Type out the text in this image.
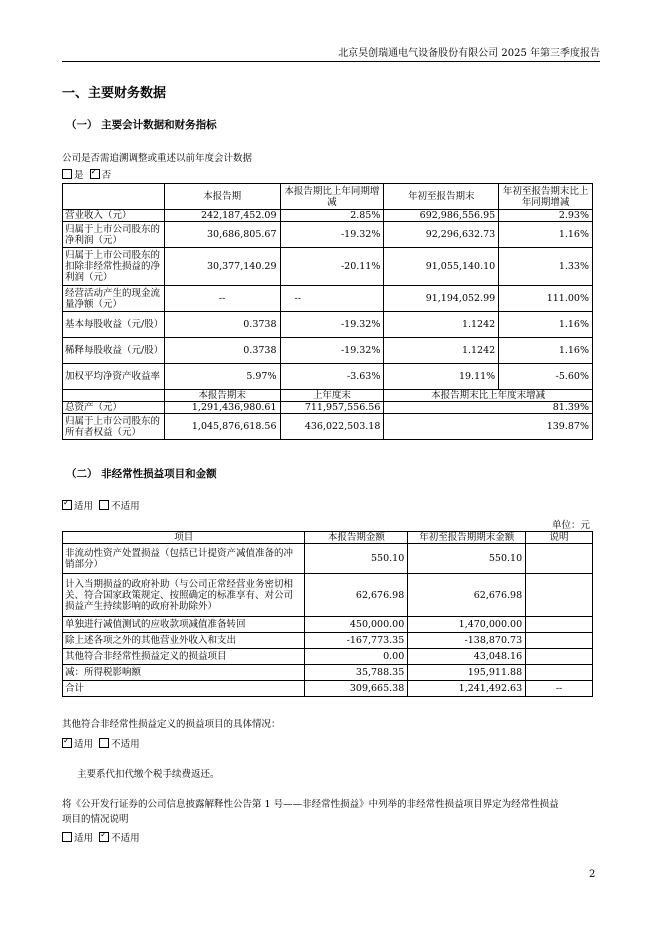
北京昊创瑞通电气设备股份有限公司 2025 年第三季度报告
一、主要财务数据
（一） 主要会计数据和财务指标
公司是否需追溯调整或重述以前年度会计数据
是 ✓ 否
	本报告期	本报告期比上年同期增减	年初至报告期末	年初至报告期末比上年同期增减
营业收入（元）	242,187,452.09	2.85%	692,986,556.95	2.93%
归属于上市公司股东的净利润（元）	30,686,805.67	-19.32%	92,296,632.73	1.16%
归属于上市公司股东的扣除非经常性损益的净利润（元）	30,377,140.29	-20.11%	91,055,140.10	1.33%
经营活动产生的现金流量净额（元）	--	--	91,194,052.99	111.00%
基本每股收益（元/股）	0.3738	-19.32%	1.1242	1.16%
稀释每股收益（元/股）	0.3738	-19.32%	1.1242	1.16%
加权平均净资产收益率	5.97%	-3.63%	19.11%	-5.60%
	本报告期末	上年度末	本报告期末比上年度末增减	
总资产（元）	1,291,436,980.61	711,957,556.56	81.39%	
归属于上市公司股东的所有者权益（元）	1,045,876,618.56	436,022,503.18	139.87%	
（二） 非经常性损益项目和金额
✓适用 不适用
单位：元
项目	本报告期金额	年初至报告期期末金额	说明
非流动性资产处置损益（包括已计提资产减值准备的冲销部分）	550.10	550.10	
计入当期损益的政府补助（与公司正常经营业务密切相关、符合国家政策规定、按照确定的标准享有、对公司损益产生持续影响的政府补助除外）	62,676.98	62,676.98	
单独进行减值测试的应收款项减值准备转回	450,000.00	1,470,000.00	
除上述各项之外的其他营业外收入和支出	-167,773.35	-138,870.73	
其他符合非经常性损益定义的损益项目	0.00	43,048.16	
减：所得税影响额	35,788.35	195,911.88	
合计	309,665.38	1,241,492.63	--
其他符合非经常性损益定义的损益项目的具体情况：
✓适用 不适用
主要系代扣代缴个税手续费返还。
将《公开发行证券的公司信息披露解释性公告第 1 号——非经常性损益》中列举的非经常性损益项目界定为经常性损益
项目的情况说明
适用 ✓ 不适用
2
